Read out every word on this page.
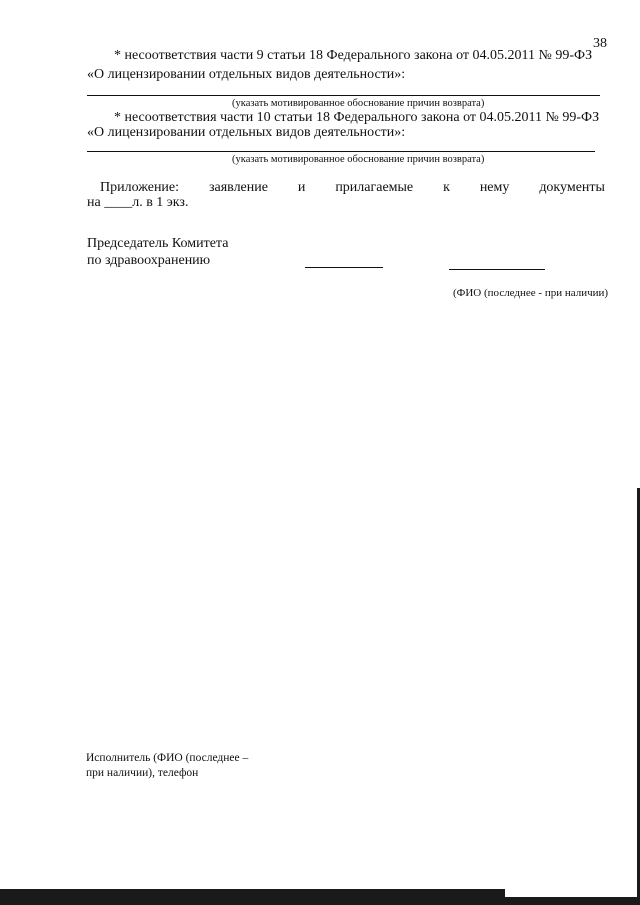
38
* несоответствия части 9 статьи 18 Федерального закона от 04.05.2011 № 99-ФЗ
«О лицензировании отдельных видов деятельности»:
(указать мотивированное обоснование причин возврата)
* несоответствия части 10 статьи 18 Федерального закона от 04.05.2011 № 99-ФЗ
«О лицензировании отдельных видов деятельности»:
(указать мотивированное обоснование причин возврата)
Приложение: заявление и прилагаемые к нему документы
на ____л. в 1 экз.
Председатель Комитета
по здравоохранению
(ФИО (последнее - при наличии)
Исполнитель (ФИО (последнее –
при наличии), телефон
